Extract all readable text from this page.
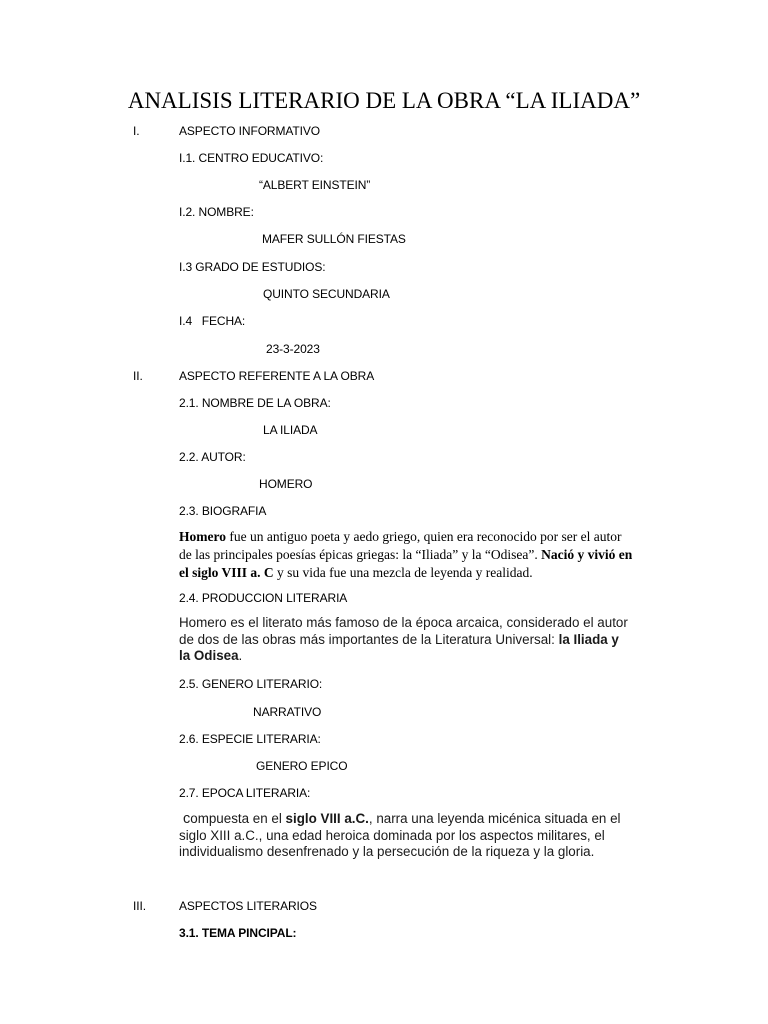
ANALISIS LITERARIO DE LA OBRA “LA ILIADA”
I.	ASPECTO INFORMATIVO
I.1. CENTRO EDUCATIVO:
“ALBERT EINSTEIN”
I.2. NOMBRE:
MAFER SULLÓN FIESTAS
I.3 GRADO DE ESTUDIOS:
QUINTO SECUNDARIA
I.4   FECHA:
23-3-2023
II.	ASPECTO REFERENTE A LA OBRA
2.1. NOMBRE DE LA OBRA:
LA ILIADA
2.2. AUTOR:
HOMERO
2.3. BIOGRAFIA
Homero fue un antiguo poeta y aedo griego, quien era reconocido por ser el autor
de las principales poesías épicas griegas: la “Iliada” y la “Odisea”. Nació y vivió en
el siglo VIII a. C y su vida fue una mezcla de leyenda y realidad.
2.4. PRODUCCION LITERARIA
Homero es el literato más famoso de la época arcaica, considerado el autor
de dos de las obras más importantes de la Literatura Universal: la Iliada y
la Odisea.
2.5. GENERO LITERARIO:
NARRATIVO
2.6. ESPECIE LITERARIA:
GENERO EPICO
2.7. EPOCA LITERARIA:
compuesta en el siglo VIII a.C., narra una leyenda micénica situada en el
siglo XIII a.C., una edad heroica dominada por los aspectos militares, el
individualismo desenfrenado y la persecución de la riqueza y la gloria.
III.	ASPECTOS LITERARIOS
3.1. TEMA PINCIPAL:
